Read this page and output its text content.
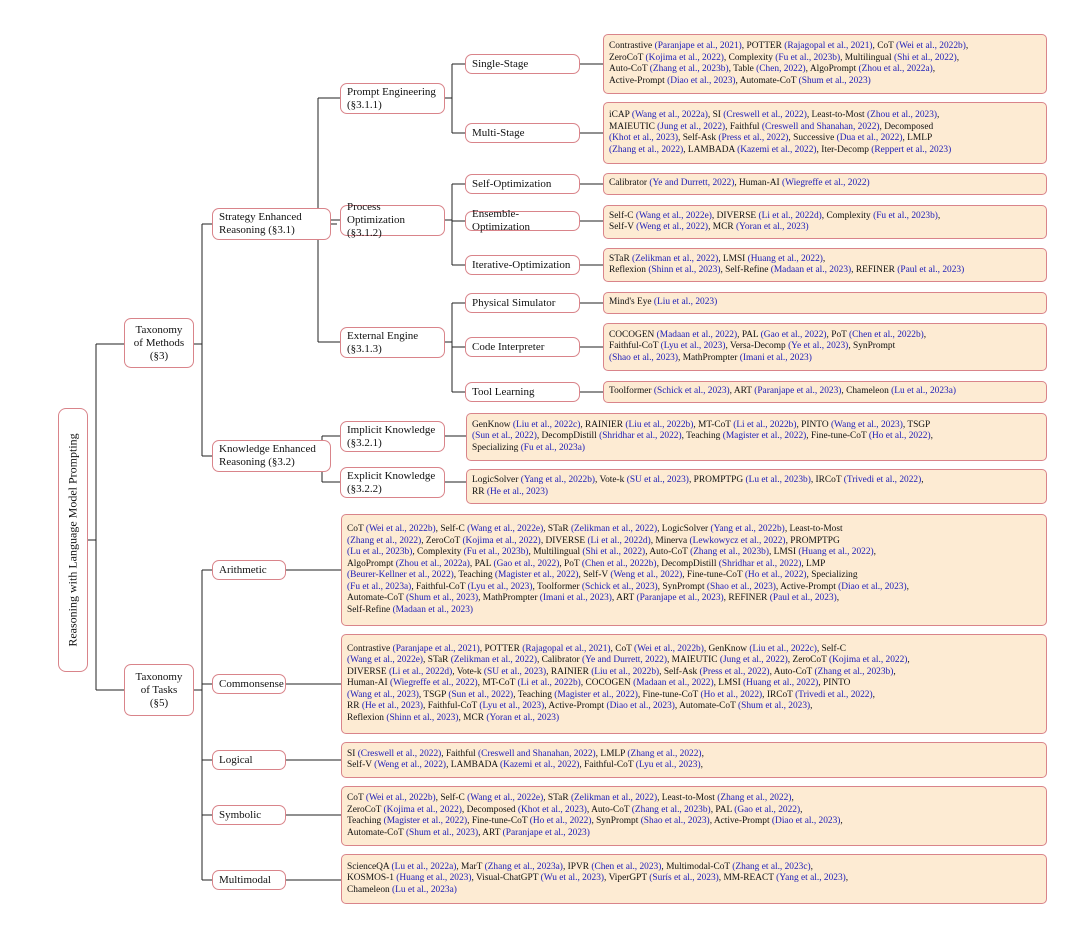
Reasoning with Language Model Prompting
Taxonomy of Methods (§3)
Taxonomy of Tasks (§5)
Strategy Enhanced Reasoning (§3.1)
Knowledge Enhanced Reasoning (§3.2)
Arithmetic
Commonsense
Logical
Symbolic
Multimodal
Prompt Engineering (§3.1.1)
Process Optimization (§3.1.2)
External Engine (§3.1.3)
Implicit Knowledge (§3.2.1)
Explicit Knowledge (§3.2.2)
Single-Stage
Multi-Stage
Self-Optimization
Ensemble-Optimization
Iterative-Optimization
Physical Simulator
Code Interpreter
Tool Learning
Contrastive (Paranjape et al., 2021), POTTER (Rajagopal et al., 2021), CoT (Wei et al., 2022b),
ZeroCoT (Kojima et al., 2022), Complexity (Fu et al., 2023b), Multilingual (Shi et al., 2022),
Auto-CoT (Zhang et al., 2023b), Table (Chen, 2022), AlgoPrompt (Zhou et al., 2022a),
Active-Prompt (Diao et al., 2023), Automate-CoT (Shum et al., 2023)
iCAP (Wang et al., 2022a), SI (Creswell et al., 2022), Least-to-Most (Zhou et al., 2023),
MAIEUTIC (Jung et al., 2022), Faithful (Creswell and Shanahan, 2022), Decomposed
(Khot et al., 2023), Self-Ask (Press et al., 2022), Successive (Dua et al., 2022), LMLP
(Zhang et al., 2022), LAMBADA (Kazemi et al., 2022), Iter-Decomp (Reppert et al., 2023)
Calibrator (Ye and Durrett, 2022), Human-AI (Wiegreffe et al., 2022)
Self-C (Wang et al., 2022e), DIVERSE (Li et al., 2022d), Complexity (Fu et al., 2023b),
Self-V (Weng et al., 2022), MCR (Yoran et al., 2023)
STaR (Zelikman et al., 2022), LMSI (Huang et al., 2022),
Reflexion (Shinn et al., 2023), Self-Refine (Madaan et al., 2023), REFINER (Paul et al., 2023)
Mind's Eye (Liu et al., 2023)
COCOGEN (Madaan et al., 2022), PAL (Gao et al., 2022), PoT (Chen et al., 2022b),
Faithful-CoT (Lyu et al., 2023), Versa-Decomp (Ye et al., 2023), SynPrompt
(Shao et al., 2023), MathPrompter (Imani et al., 2023)
Toolformer (Schick et al., 2023), ART (Paranjape et al., 2023), Chameleon (Lu et al., 2023a)
GenKnow (Liu et al., 2022c), RAINIER (Liu et al., 2022b), MT-CoT (Li et al., 2022b), PINTO (Wang et al., 2023), TSGP
(Sun et al., 2022), DecompDistill (Shridhar et al., 2022), Teaching (Magister et al., 2022), Fine-tune-CoT (Ho et al., 2022),
Specializing (Fu et al., 2023a)
LogicSolver (Yang et al., 2022b), Vote-k (SU et al., 2023), PROMPTPG (Lu et al., 2023b), IRCoT (Trivedi et al., 2022),
RR (He et al., 2023)
CoT (Wei et al., 2022b), Self-C (Wang et al., 2022e), STaR (Zelikman et al., 2022), LogicSolver (Yang et al., 2022b), Least-to-Most
(Zhang et al., 2022), ZeroCoT (Kojima et al., 2022), DIVERSE (Li et al., 2022d), Minerva (Lewkowycz et al., 2022), PROMPTPG
(Lu et al., 2023b), Complexity (Fu et al., 2023b), Multilingual (Shi et al., 2022), Auto-CoT (Zhang et al., 2023b), LMSI (Huang et al., 2022),
AlgoPrompt (Zhou et al., 2022a), PAL (Gao et al., 2022), PoT (Chen et al., 2022b), DecompDistill (Shridhar et al., 2022), LMP
(Beurer-Kellner et al., 2022), Teaching (Magister et al., 2022), Self-V (Weng et al., 2022), Fine-tune-CoT (Ho et al., 2022), Specializing
(Fu et al., 2023a), Faithful-CoT (Lyu et al., 2023), Toolformer (Schick et al., 2023), SynPrompt (Shao et al., 2023), Active-Prompt (Diao et al., 2023),
Automate-CoT (Shum et al., 2023), MathPrompter (Imani et al., 2023), ART (Paranjape et al., 2023), REFINER (Paul et al., 2023),
Self-Refine (Madaan et al., 2023)
Contrastive (Paranjape et al., 2021), POTTER (Rajagopal et al., 2021), CoT (Wei et al., 2022b), GenKnow (Liu et al., 2022c), Self-C
(Wang et al., 2022e), STaR (Zelikman et al., 2022), Calibrator (Ye and Durrett, 2022), MAIEUTIC (Jung et al., 2022), ZeroCoT (Kojima et al., 2022),
DIVERSE (Li et al., 2022d), Vote-k (SU et al., 2023), RAINIER (Liu et al., 2022b), Self-Ask (Press et al., 2022), Auto-CoT (Zhang et al., 2023b),
Human-AI (Wiegreffe et al., 2022), MT-CoT (Li et al., 2022b), COCOGEN (Madaan et al., 2022), LMSI (Huang et al., 2022), PINTO
(Wang et al., 2023), TSGP (Sun et al., 2022), Teaching (Magister et al., 2022), Fine-tune-CoT (Ho et al., 2022), IRCoT (Trivedi et al., 2022),
RR (He et al., 2023), Faithful-CoT (Lyu et al., 2023), Active-Prompt (Diao et al., 2023), Automate-CoT (Shum et al., 2023),
Reflexion (Shinn et al., 2023), MCR (Yoran et al., 2023)
SI (Creswell et al., 2022), Faithful (Creswell and Shanahan, 2022), LMLP (Zhang et al., 2022),
Self-V (Weng et al., 2022), LAMBADA (Kazemi et al., 2022), Faithful-CoT (Lyu et al., 2023),
CoT (Wei et al., 2022b), Self-C (Wang et al., 2022e), STaR (Zelikman et al., 2022), Least-to-Most (Zhang et al., 2022),
ZeroCoT (Kojima et al., 2022), Decomposed (Khot et al., 2023), Auto-CoT (Zhang et al., 2023b), PAL (Gao et al., 2022),
Teaching (Magister et al., 2022), Fine-tune-CoT (Ho et al., 2022), SynPrompt (Shao et al., 2023), Active-Prompt (Diao et al., 2023),
Automate-CoT (Shum et al., 2023), ART (Paranjape et al., 2023)
ScienceQA (Lu et al., 2022a), MarT (Zhang et al., 2023a), IPVR (Chen et al., 2023), Multimodal-CoT (Zhang et al., 2023c),
KOSMOS-1 (Huang et al., 2023), Visual-ChatGPT (Wu et al., 2023), ViperGPT (Surís et al., 2023), MM-REACT (Yang et al., 2023),
Chameleon (Lu et al., 2023a)
